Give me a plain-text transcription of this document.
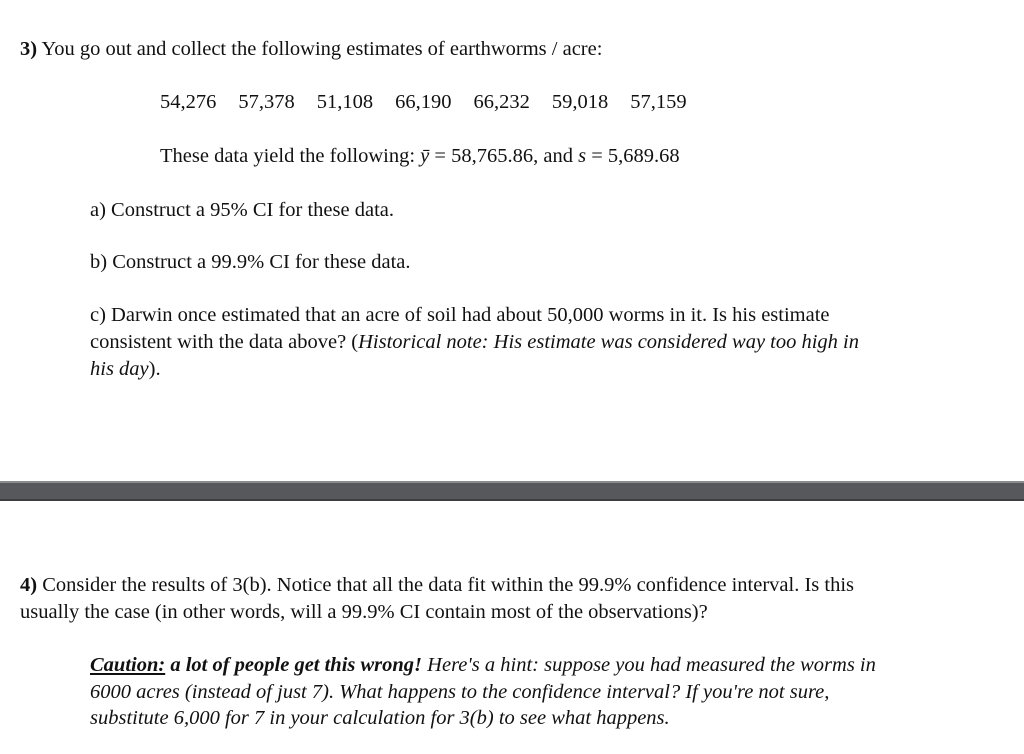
3) You go out and collect the following estimates of earthworms / acre:
54,276 57,378 51,108 66,190 66,232 59,018 57,159
These data yield the following: ȳ = 58,765.86, and s = 5,689.68
a) Construct a 95% CI for these data.
b) Construct a 99.9% CI for these data.
c) Darwin once estimated that an acre of soil had about 50,000 worms in it. Is his estimate
consistent with the data above? (Historical note: His estimate was considered way too high in
his day).
4) Consider the results of 3(b). Notice that all the data fit within the 99.9% confidence interval. Is this
usually the case (in other words, will a 99.9% CI contain most of the observations)?
Caution: a lot of people get this wrong! Here's a hint: suppose you had measured the worms in
6000 acres (instead of just 7). What happens to the confidence interval? If you're not sure,
substitute 6,000 for 7 in your calculation for 3(b) to see what happens.
